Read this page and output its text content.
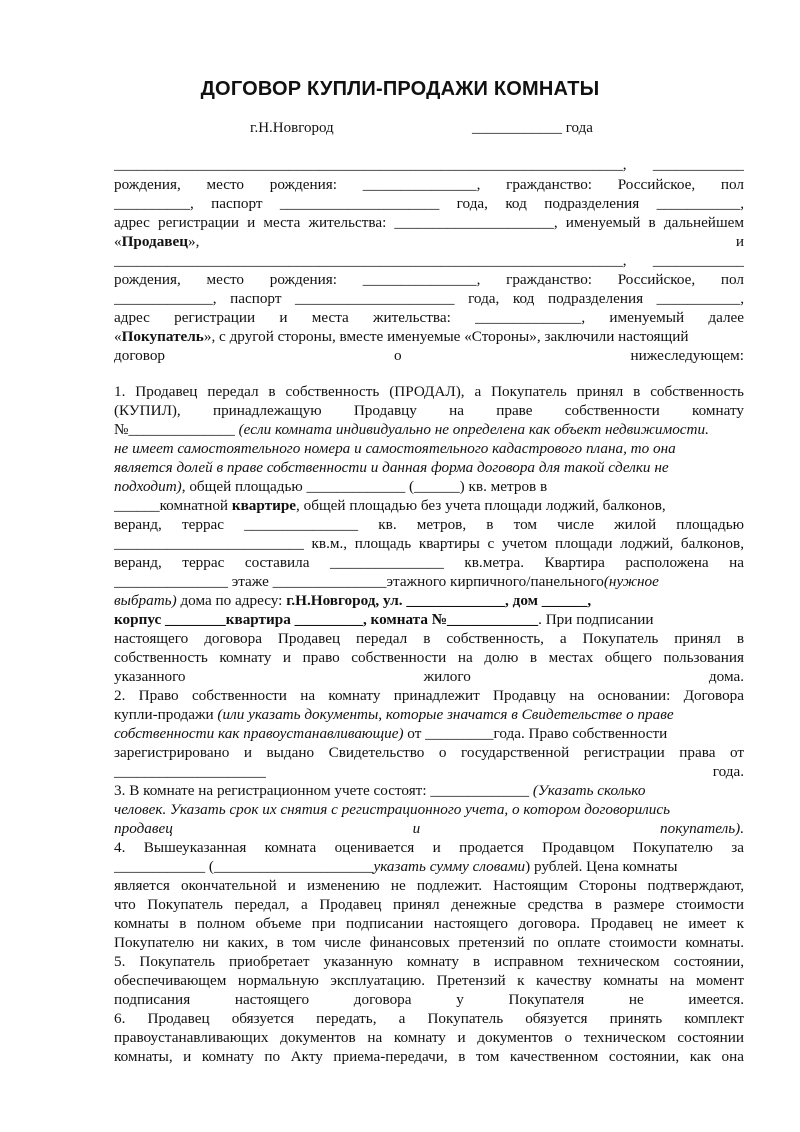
ДОГОВОР КУПЛИ-ПРОДАЖИ КОМНАТЫ
г.Н.Новгород	____________ года
___________________________________________________________________, ____________
рождения, место рождения: _______________, гражданство: Российское, пол
__________, паспорт _____________________ года, код подразделения ___________,
адрес регистрации и места жительства: _____________________, именуемый в дальнейшем
«Продавец»,	и
___________________________________________________________________, ____________
рождения, место рождения: _______________, гражданство: Российское, пол
_____________, паспорт _____________________ года, код подразделения ___________,
адрес регистрации и места жительства: ______________, именуемый далее
«Покупатель», с другой стороны, вместе именуемые «Стороны», заключили настоящий
договор о нижеследующем:
1. Продавец передал в собственность (ПРОДАЛ), а Покупатель принял в собственность
(КУПИЛ), принадлежащую Продавцу на праве собственности комнату
№______________ (если комната индивидуально не определена как объект недвижимости.
не имеет самостоятельного номера и самостоятельного кадастрового плана, то она
является долей в праве собственности и данная форма договора для такой сделки не
подходит), общей площадью _____________ (______) кв. метров в
______комнатной квартире, общей площадью без учета площади лоджий, балконов,
веранд, террас _______________ кв. метров, в том числе жилой площадью
_________________________ кв.м., площадь квартиры с учетом площади лоджий, балконов,
веранд, террас составила _______________ кв.метра. Квартира расположена на
_______________ этаже _______________этажного кирпичного/панельного(нужное
выбрать) дома по адресу: г.Н.Новгород, ул. _____________, дом ______,
корпус ________квартира _________, комната №____________. При подписании
настоящего договора Продавец передал в собственность, а Покупатель принял в
собственность комнату и право собственности на долю в местах общего пользования
указанного жилого дома.
2. Право собственности на комнату принадлежит Продавцу на основании: Договора
купли-продажи (или указать документы, которые значатся в Свидетельстве о праве
собственности как правоустанавливающие) от _________года. Право собственности
зарегистрировано и выдано Свидетельство о государственной регистрации права от
____________________ года.
3. В комнате на регистрационном учете состоят: _____________ (Указать сколько
человек. Указать срок их снятия с регистрационного учета, о котором договорились
продавец и покупатель).
4. Вышеуказанная комната оценивается и продается Продавцом Покупателю за
____________ (_____________________указать сумму словами) рублей. Цена комнаты
является окончательной и изменению не подлежит. Настоящим Стороны подтверждают,
что Покупатель передал, а Продавец принял денежные средства в размере стоимости
комнаты в полном объеме при подписании настоящего договора. Продавец не имеет к
Покупателю ни каких, в том числе финансовых претензий по оплате стоимости комнаты.
5. Покупатель приобретает указанную комнату в исправном техническом состоянии,
обеспечивающем нормальную эксплуатацию. Претензий к качеству комнаты на момент
подписания настоящего договора у Покупателя не имеется.
6. Продавец обязуется передать, а Покупатель обязуется принять комплект
правоустанавливающих документов на комнату и документов о техническом состоянии
комнаты, и комнату по Акту приема-передачи, в том качественном состоянии, как она
